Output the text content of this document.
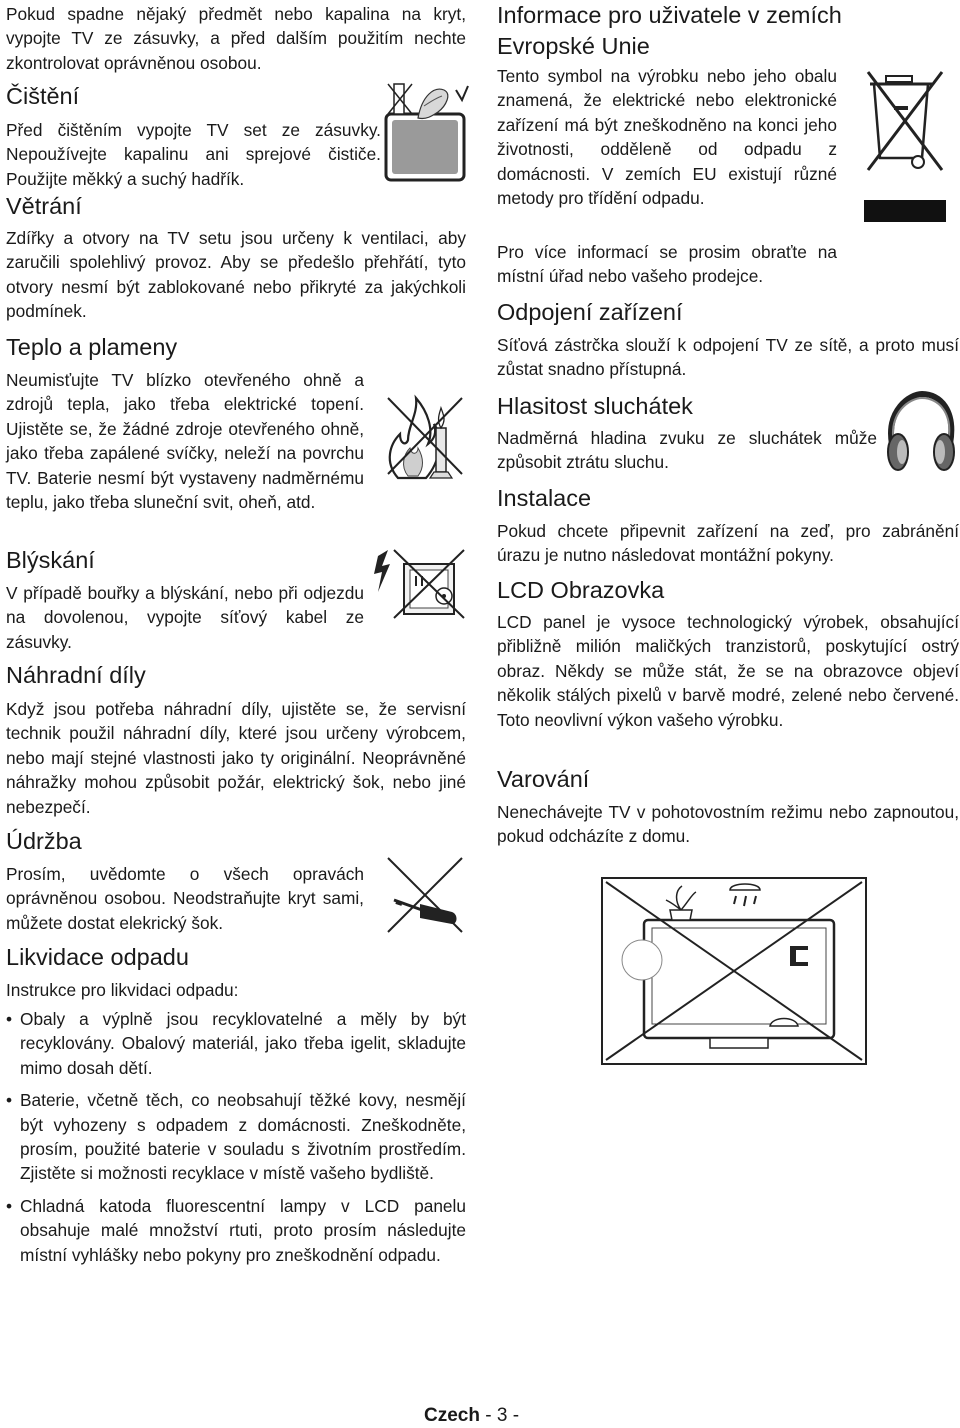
Pokud spadne nějaký předmět nebo kapalina na kryt, vypojte TV ze zásuvky, a před dalším použitím nechte zkontrolovat oprávněnou osobou.

Čištění

Před čištěním vypojte TV set ze zásuvky. Nepoužívejte kapalinu ani sprejové čističe. Použijte měkký a suchý hadřík.

Větrání

Zdířky a otvory na TV setu jsou určeny k ventilaci, aby zaručili spolehlivý provoz. Aby se předešlo přehřátí, tyto otvory nesmí být zablokované nebo přikryté za jakýchkoli podmínek.

Teplo a plameny

Neumisťujte TV blízko otevřeného ohně a zdrojů tepla, jako třeba elektrické topení. Ujistěte se, že žádné zdroje otevřeného ohně, jako třeba zapálené svíčky, neleží na povrchu TV. Baterie nesmí být vystaveny nadměrnému teplu, jako třeba sluneční svit, oheň, atd.

Blýskání

V případě bouřky a blýskání, nebo při odjezdu na dovolenou, vypojte síťový kabel ze zásuvky.

Náhradní díly

Když jsou potřeba náhradní díly, ujistěte se, že servisní technik použil náhradní díly, které jsou určeny výrobcem, nebo mají stejné vlastnosti jako ty originální. Neoprávněné náhražky mohou způsobit požár, elektrický šok, nebo jiné nebezpečí.

Údržba

Prosím, uvědomte o všech opravách oprávněnou osobou. Neodstraňujte kryt sami, můžete dostat elekrický šok.

Likvidace odpadu

Instrukce pro likvidaci odpadu:

• Obaly a výplně jsou recyklovatelné a měly by být recyklovány. Obalový materiál, jako třeba igelit, skladujte mimo dosah dětí.
• Baterie, včetně těch, co neobsahují těžké kovy, nesmějí být vyhozeny s odpadem z domácnosti. Zneškodněte, prosím, použité baterie v souladu s životním prostředím. Zjistěte si možnosti recyklace v místě vašeho bydliště.
• Chladná katoda fluorescentní lampy v LCD panelu obsahuje malé množství rtuti, proto prosím následujte místní vyhlášky nebo pokyny pro zneškodnění odpadu.
Informace pro uživatele v zemích Evropské Unie

Tento symbol na výrobku nebo jeho obalu znamená, že elektrické nebo elektronické zařízení má být zneškodněno na konci jeho životnosti, odděleně od odpadu z domácnosti. V zemích EU existují různé metody pro třídění odpadu.

Pro více informací se prosim obraťte na místní úřad nebo vašeho prodejce.

Odpojení zařízení

Síťová zástrčka slouží k odpojení TV ze sítě, a proto musí zůstat snadno přístupná.

Hlasitost sluchátek

Nadměrná hladina zvuku ze sluchátek může způsobit ztrátu sluchu.

Instalace

Pokud chcete připevnit zařízení na zeď, pro zabránění úrazu je nutno následovat montážní pokyny.

LCD Obrazovka

LCD panel je vysoce technologický výrobek, obsahující přibližně milión maličkých tranzistorů, poskytující ostrý obraz. Někdy se může stát, že se na obrazovce objeví několik stálých pixelů v barvě modré, zelené nebo červené. Toto neovlivní výkon vašeho výrobku.

Varování

Nenechávejte TV v pohotovostním režimu nebo zapnoutou, pokud odcházíte z domu.

Czech - 3 -
